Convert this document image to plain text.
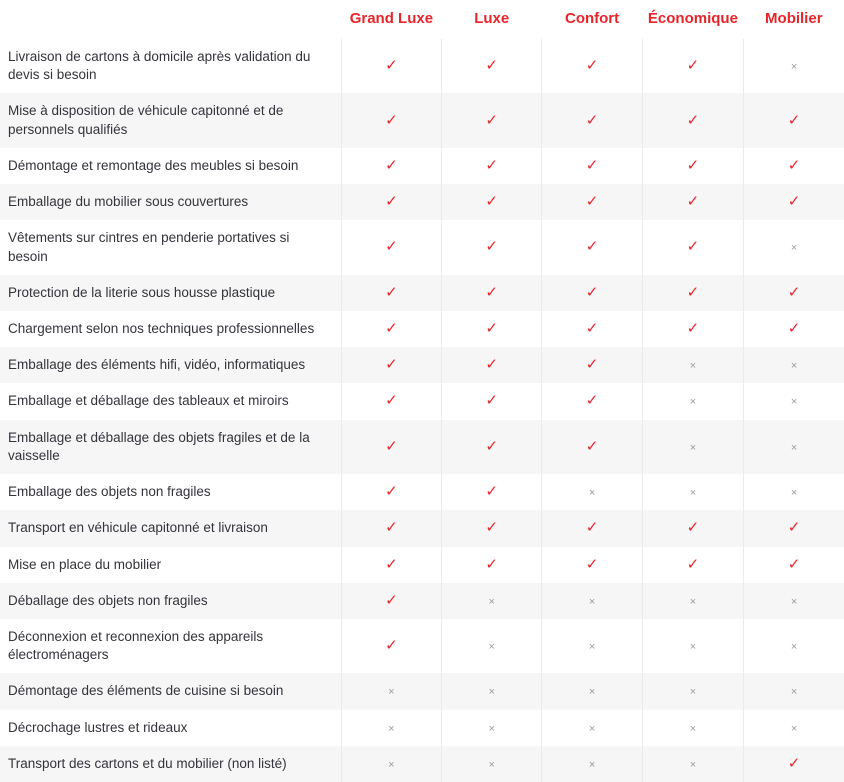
	Grand Luxe	Luxe	Confort	Économique	Mobilier
Livraison de cartons à domicile après validation du devis si besoin	✓	✓	✓	✓	×
Mise à disposition de véhicule capitonné et de personnels qualifiés	✓	✓	✓	✓	✓
Démontage et remontage des meubles si besoin	✓	✓	✓	✓	✓
Emballage du mobilier sous couvertures	✓	✓	✓	✓	✓
Vêtements sur cintres en penderie portatives si besoin	✓	✓	✓	✓	×
Protection de la literie sous housse plastique	✓	✓	✓	✓	✓
Chargement selon nos techniques professionnelles	✓	✓	✓	✓	✓
Emballage des éléments hifi, vidéo, informatiques	✓	✓	✓	×	×
Emballage et déballage des tableaux et miroirs	✓	✓	✓	×	×
Emballage et déballage des objets fragiles et de la vaisselle	✓	✓	✓	×	×
Emballage des objets non fragiles	✓	✓	×	×	×
Transport en véhicule capitonné et livraison	✓	✓	✓	✓	✓
Mise en place du mobilier	✓	✓	✓	✓	✓
Déballage des objets non fragiles	✓	×	×	×	×
Déconnexion et reconnexion des appareils électroménagers	✓	×	×	×	×
Démontage des éléments de cuisine si besoin	×	×	×	×	×
Décrochage lustres et rideaux	×	×	×	×	×
Transport des cartons et du mobilier (non listé)	×	×	×	×	✓
